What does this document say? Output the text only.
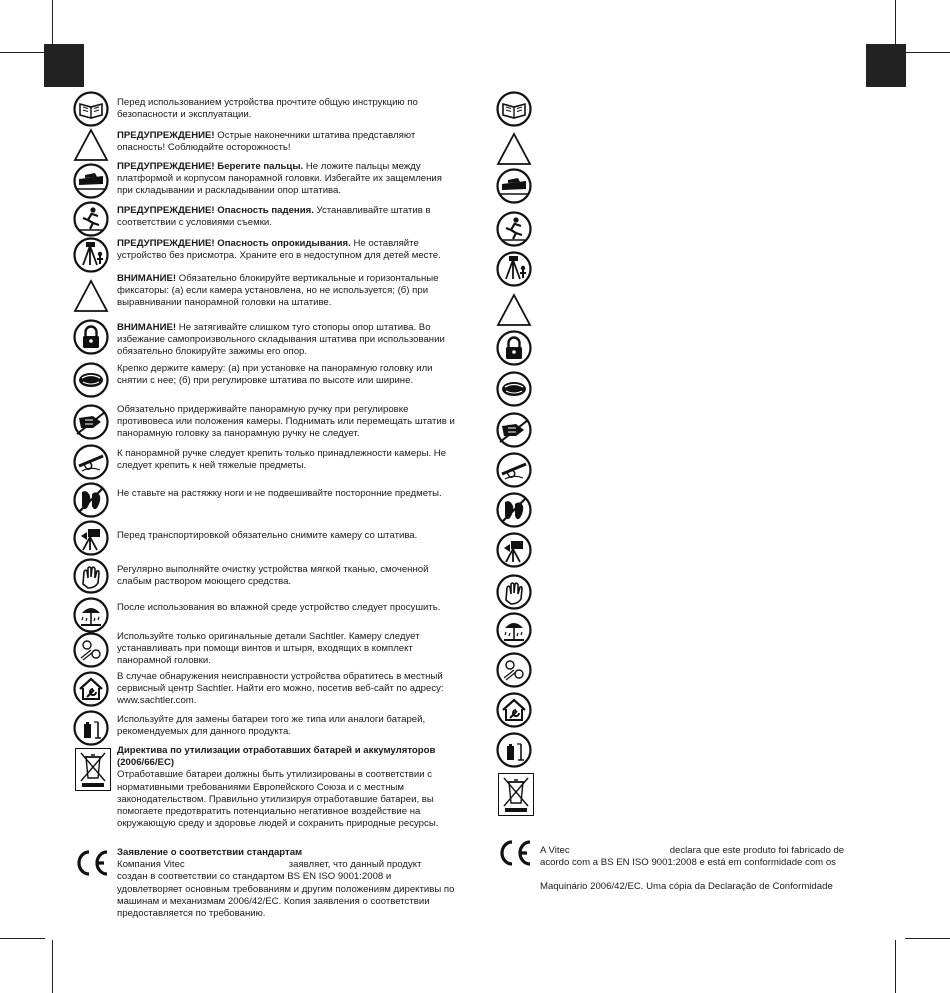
Перед использованием устройства прочтите общую инструкцию по безопасности и эксплуатации.
ПРЕДУПРЕЖДЕНИЕ! Острые наконечники штатива представляют опасность! Соблюдайте осторожность!
ПРЕДУПРЕЖДЕНИЕ! Берегите пальцы. Не ложите пальцы между платформой и корпусом панорамной головки. Избегайте их защемления при складывании и раскладывании опор штатива.
ПРЕДУПРЕЖДЕНИЕ! Опасность падения. Устанавливайте штатив в соответствии с условиями съемки.
ПРЕДУПРЕЖДЕНИЕ! Опасность опрокидывания. Не оставляйте устройство без присмотра. Храните его в недоступном для детей месте.
ВНИМАНИЕ! Обязательно блокируйте вертикальные и горизонтальные фиксаторы: (а) если камера установлена, но не используется; (б) при выравнивании панорамной головки на штативе.
ВНИМАНИЕ! Не затягивайте слишком туго стопоры опор штатива. Во избежание самопроизвольного складывания штатива при использовании обязательно блокируйте зажимы его опор.
Крепко держите камеру: (а) при установке на панорамную головку или снятии с нее; (б) при регулировке штатива по высоте или ширине.
Обязательно придерживайте панорамную ручку при регулировке противовеса или положения камеры. Поднимать или перемещать штатив и панорамную головку за панорамную ручку не следует.
К панорамной ручке следует крепить только принадлежности камеры. Не следует крепить к ней тяжелые предметы.
Не ставьте на растяжку ноги и не подвешивайте посторонние предметы.
Перед транспортировкой обязательно снимите камеру со штатива.
Регулярно выполняйте очистку устройства мягкой тканью, смоченной слабым раствором моющего средства.
После использования во влажной среде устройство следует просушить.
Используйте только оригинальные детали Sachtler. Камеру следует устанавливать при помощи винтов и штыря, входящих в комплект панорамной головки.
В случае обнаружения неисправности устройства обратитесь в местный сервисный центр Sachtler. Найти его можно, посетив веб-сайт по адресу: www.sachtler.com.
Используйте для замены батареи того же типа или аналоги батарей, рекомендуемых для данного продукта.
Директива по утилизации отработавших батарей и аккумуляторов (2006/66/EC)
Отработавшие батареи должны быть утилизированы в соответствии с нормативными требованиями Европейского Союза и с местным законодательством. Правильно утилизируя отработавшие батареи, вы помогаете предотвратить потенциально негативное воздействие на окружающую среду и здоровье людей и сохранить природные ресурсы.
Заявление о соответствии стандартам
Компания Vitec	заявляет, что данный продукт
создан в соответствии со стандартом BS EN ISO 9001:2008 и удовлетворяет основным требованиям и другим положениям директивы по машинам и механизмам 2006/42/EC. Копия заявления о соответствии предоставляется по требованию.
A Vitec	declara que este produto foi fabricado de
acordo com a BS EN ISO 9001:2008 e está em conformidade com os
Maquinário 2006/42/EC. Uma cópia da Declaração de Conformidade
